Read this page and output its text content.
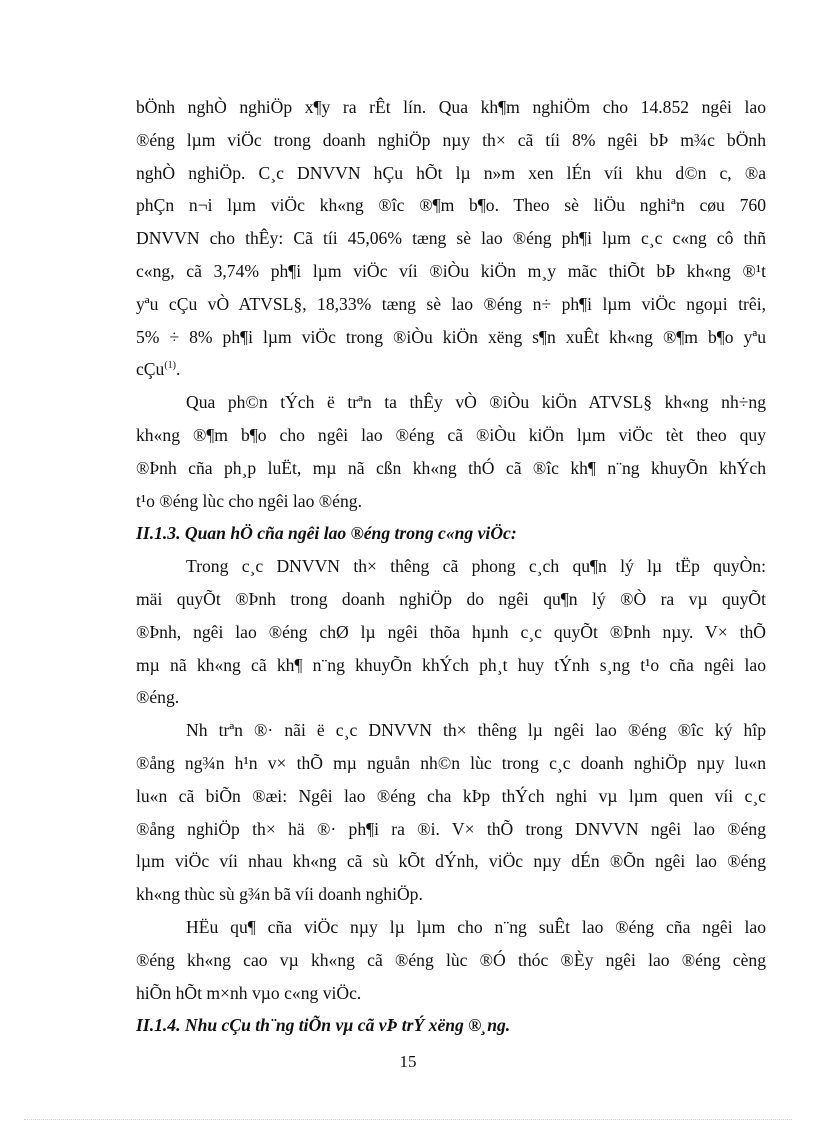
bÖnh nghÒ nghiÖp x¶y ra rÊt lín. Qua kh¶m nghiÖm cho 14.852 ngêi lao
®éng lµm viÖc trong doanh nghiÖp nµy th× cã tíi 8% ngêi bÞ m¾c bÖnh
nghÒ nghiÖp. C¸c DNVVN hÇu hÕt lµ n»m xen lÉn víi khu d©n c, ®a
phÇn n¬i lµm viÖc kh«ng ®îc ®¶m b¶o. Theo sè liÖu nghiªn cøu 760
DNVVN cho thÊy: Cã tíi 45,06% tæng sè lao ®éng ph¶i lµm c¸c c«ng cô thñ
c«ng, cã 3,74% ph¶i lµm viÖc víi ®iÒu kiÖn m¸y mãc thiÕt bÞ kh«ng ®¹t
yªu cÇu vÒ ATVSL§, 18,33% tæng sè lao ®éng n÷ ph¶i lµm viÖc ngoµi trêi,
5% ÷ 8% ph¶i lµm viÖc trong ®iÒu kiÖn xëng s¶n xuÊt kh«ng ®¶m b¶o yªu
cÇu$^{(1)}$.
Qua ph©n tÝch ë trªn ta thÊy vÒ ®iÒu kiÖn ATVSL§ kh«ng nh÷ng
kh«ng ®¶m b¶o cho ngêi lao ®éng cã ®iÒu kiÖn lµm viÖc tèt theo quy
®Þnh cña ph¸p luËt, mµ nã cßn kh«ng thÓ cã ®îc kh¶ n¨ng khuyÕn khÝch
t¹o ®éng lùc cho ngêi lao ®éng.
II.1.3. Quan hÖ cña ngêi lao ®éng trong c«ng viÖc:
Trong c¸c DNVVN th× thêng cã phong c¸ch qu¶n lý lµ tËp quyÒn:
mäi quyÕt ®Þnh trong doanh nghiÖp do ngêi qu¶n lý ®Ò ra vµ quyÕt
®Þnh, ngêi lao ®éng chØ lµ ngêi thõa hµnh c¸c quyÕt ®Þnh nµy. V× thÕ
mµ nã kh«ng cã kh¶ n¨ng khuyÕn khÝch ph¸t huy tÝnh s¸ng t¹o cña ngêi lao
®éng.
Nh trªn ®· nãi ë c¸c DNVVN th× thêng lµ ngêi lao ®éng ®îc ký hîp
®ång ng¾n h¹n v× thÕ mµ nguån nh©n lùc trong c¸c doanh nghiÖp nµy lu«n
lu«n cã biÕn ®æi: Ngêi lao ®éng cha kÞp thÝch nghi vµ lµm quen víi c¸c
®ång nghiÖp th× hä ®· ph¶i ra ®i. V× thÕ trong DNVVN ngêi lao ®éng
lµm viÖc víi nhau kh«ng cã sù kÕt dÝnh, viÖc nµy dÉn ®Õn ngêi lao ®éng
kh«ng thùc sù g¾n bã víi doanh nghiÖp.
HËu qu¶ cña viÖc nµy lµ lµm cho n¨ng suÊt lao ®éng cña ngêi lao
®éng kh«ng cao vµ kh«ng cã ®éng lùc ®Ó thóc ®Èy ngêi lao ®éng cèng
hiÕn hÕt m×nh vµo c«ng viÖc.
II.1.4. Nhu cÇu th¨ng tiÕn vµ cã vÞ trÝ xëng ®¸ng.
15
